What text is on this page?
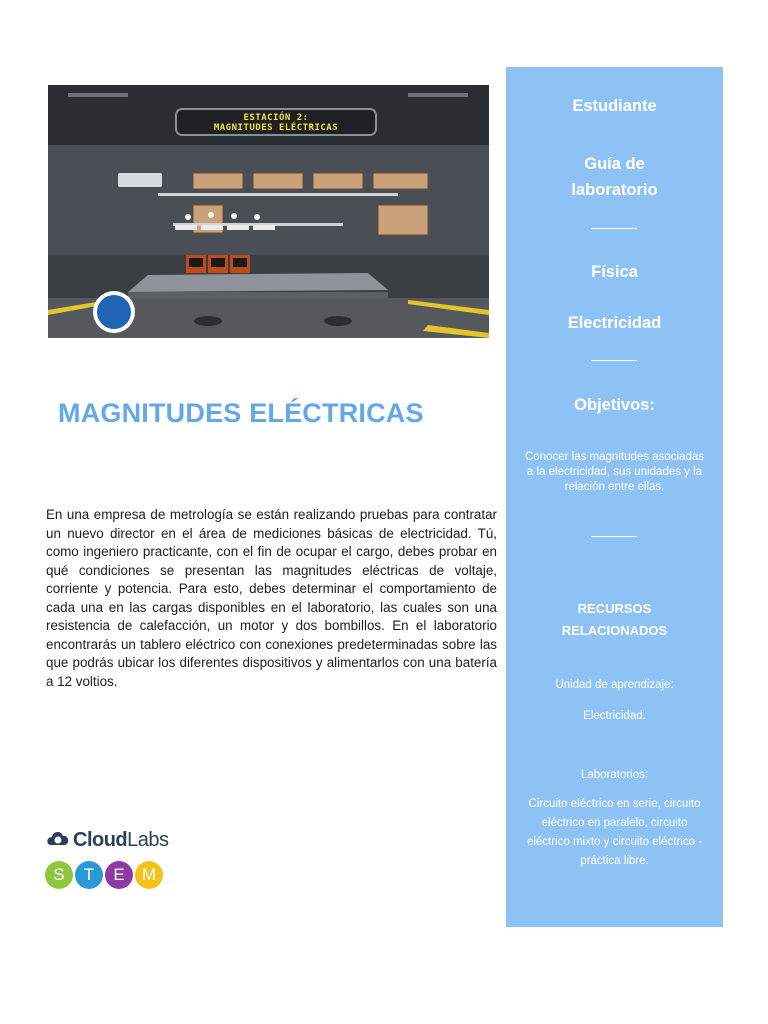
ESTACIÓN 2:
MAGNITUDES ELÉCTRICAS
MAGNITUDES ELÉCTRICAS
En una empresa de metrología se están realizando pruebas para contratar un nuevo director en el área de mediciones básicas de electricidad. Tú, como ingeniero practicante, con el fin de ocupar el cargo, debes probar en qué condiciones se presentan las magnitudes eléctricas de voltaje, corriente y potencia. Para esto, debes determinar el comportamiento de cada una en las cargas disponibles en el laboratorio, las cuales son una resistencia de calefacción, un motor y dos bombillos. En el laboratorio encontrarás un tablero eléctrico con conexiones predeterminadas sobre las que podrás ubicar los diferentes dispositivos y alimentarlos con una batería a 12 voltios.
Cloud Labs
S	T	E	M
Estudiante
Guía de
laboratorio
Física
Electricidad
Objetivos:
Conocer las magnitudes asociadas a la electricidad, sus unidades y la relación entre ellas.
RECURSOS
RELACIONADOS
Unidad de aprendizaje:
Electricidad.
Laboratorios:
Circuito eléctrico en serie, circuito eléctrico en paralelo, circuito eléctrico mixto y circuito eléctrico - práctica libre.
